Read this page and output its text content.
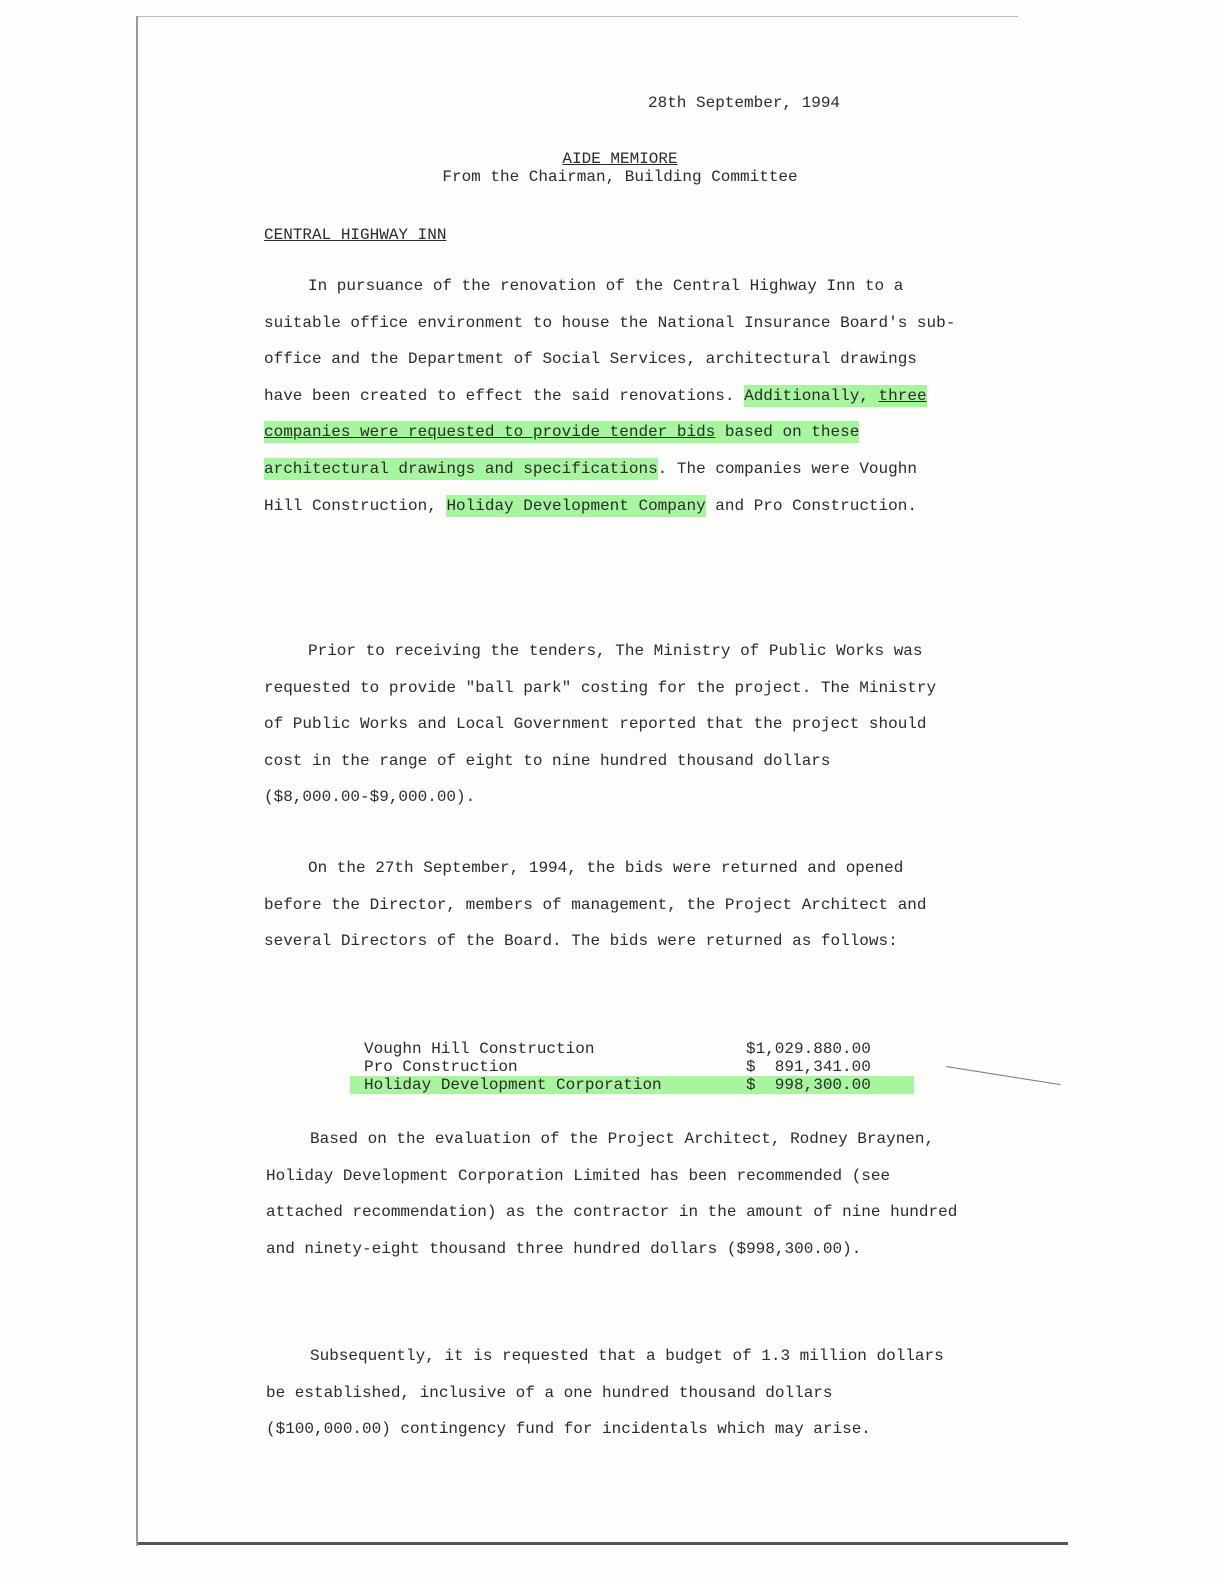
28th September, 1994
AIDE MEMIORE
From the Chairman, Building Committee
CENTRAL HIGHWAY INN

In pursuance of the renovation of the Central Highway Inn to a suitable office environment to house the National Insurance Board's sub-office and the Department of Social Services, architectural drawings have been created to effect the said renovations. Additionally, three companies were requested to provide tender bids based on these architectural drawings and specifications. The companies were Voughn Hill Construction, Holiday Development Company and Pro Construction.

Prior to receiving the tenders, The Ministry of Public Works was requested to provide "ball park" costing for the project. The Ministry of Public Works and Local Government reported that the project should cost in the range of eight to nine hundred thousand dollars ($8,000.00-$9,000.00).

On the 27th September, 1994, the bids were returned and opened before the Director, members of management, the Project Architect and several Directors of the Board. The bids were returned as follows:

Voughn Hill Construction	$1,029.880.00
Pro Construction	$  891,341.00
Holiday Development Corporation	$  998,300.00

Based on the evaluation of the Project Architect, Rodney Braynen, Holiday Development Corporation Limited has been recommended (see attached recommendation) as the contractor in the amount of nine hundred and ninety-eight thousand three hundred dollars ($998,300.00).

Subsequently, it is requested that a budget of 1.3 million dollars be established, inclusive of a one hundred thousand dollars ($100,000.00) contingency fund for incidentals which may arise.
